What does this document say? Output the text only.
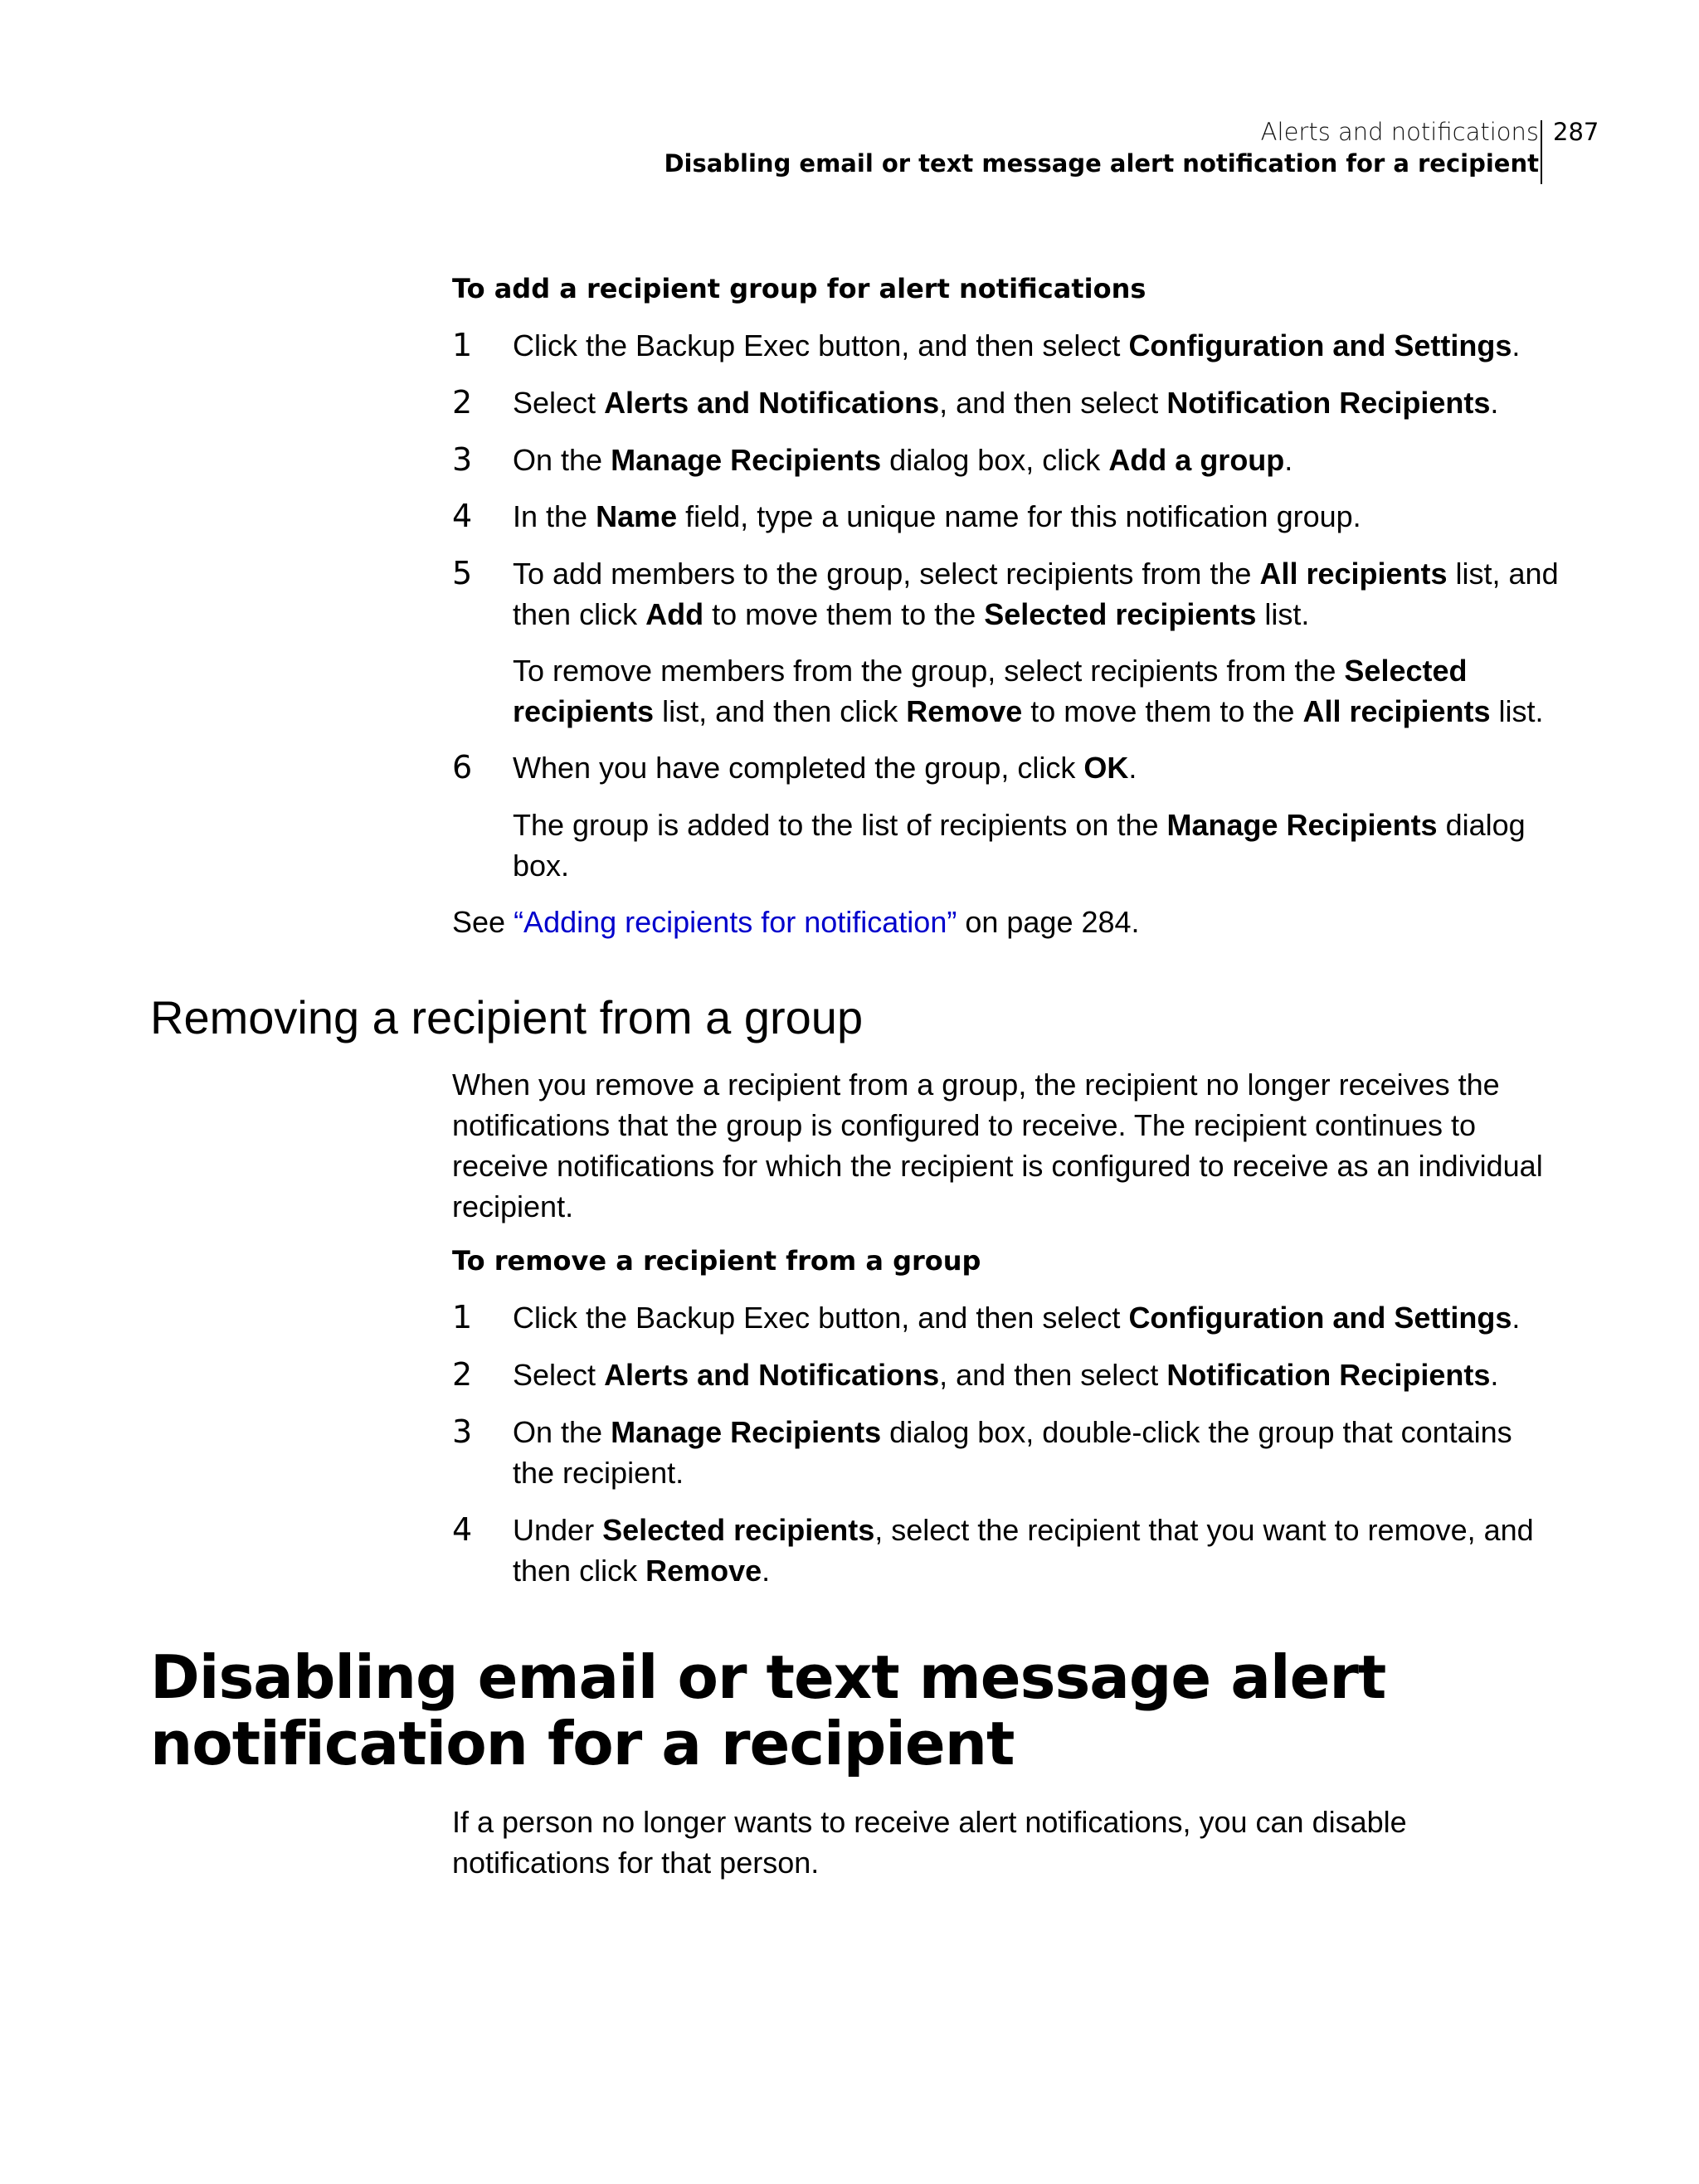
Alerts and notifications
Disabling email or text message alert notification for a recipient
287
To add a recipient group for alert notifications
1 Click the Backup Exec button, and then select Configuration and Settings.
2 Select Alerts and Notifications, and then select Notification Recipients.
3 On the Manage Recipients dialog box, click Add a group.
4 In the Name field, type a unique name for this notification group.
5 To add members to the group, select recipients from the All recipients list, and then click Add to move them to the Selected recipients list.
To remove members from the group, select recipients from the Selected recipients list, and then click Remove to move them to the All recipients list.
6 When you have completed the group, click OK.
The group is added to the list of recipients on the Manage Recipients dialog box.
See “Adding recipients for notification” on page 284.
Removing a recipient from a group
When you remove a recipient from a group, the recipient no longer receives the notifications that the group is configured to receive. The recipient continues to receive notifications for which the recipient is configured to receive as an individual recipient.
To remove a recipient from a group
1 Click the Backup Exec button, and then select Configuration and Settings.
2 Select Alerts and Notifications, and then select Notification Recipients.
3 On the Manage Recipients dialog box, double-click the group that contains the recipient.
4 Under Selected recipients, select the recipient that you want to remove, and then click Remove.
Disabling email or text message alert notification for a recipient
If a person no longer wants to receive alert notifications, you can disable notifications for that person.
